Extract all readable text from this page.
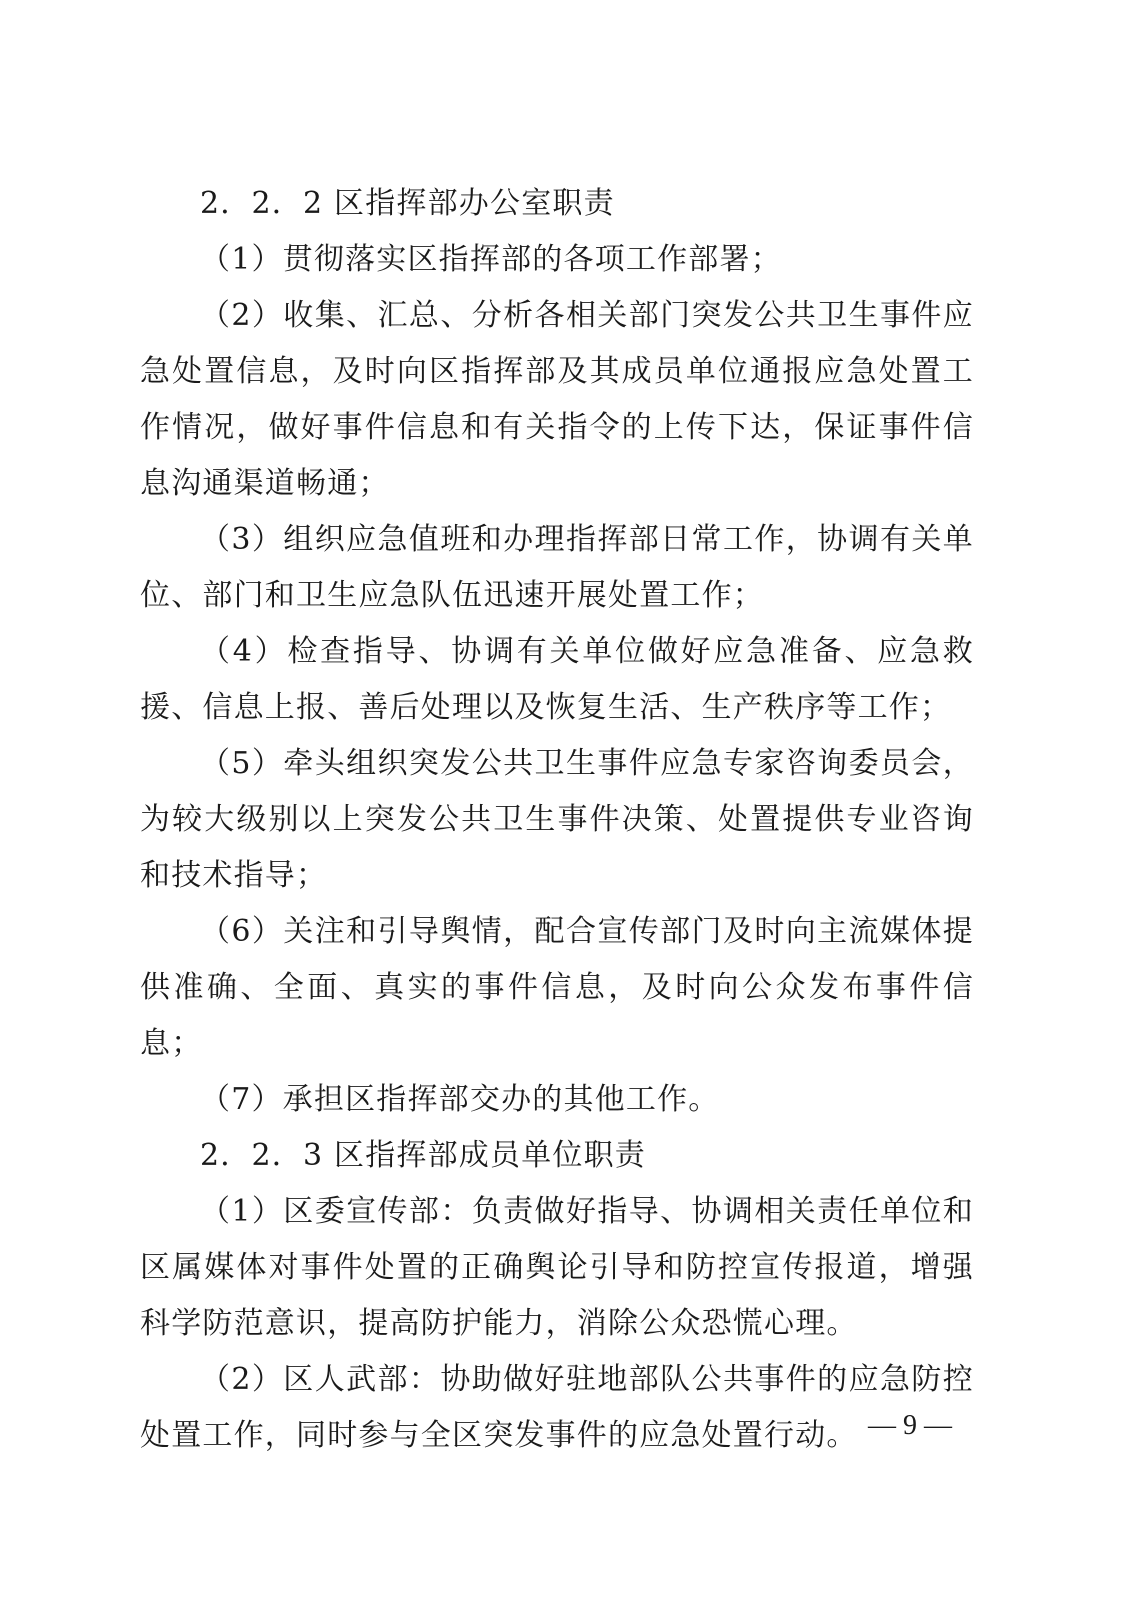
2．2．2 区指挥部办公室职责

（1）贯彻落实区指挥部的各项工作部署；

（2）收集、汇总、分析各相关部门突发公共卫生事件应急处置信息，及时向区指挥部及其成员单位通报应急处置工作情况，做好事件信息和有关指令的上传下达，保证事件信息沟通渠道畅通；

（3）组织应急值班和办理指挥部日常工作，协调有关单位、部门和卫生应急队伍迅速开展处置工作；

（4）检查指导、协调有关单位做好应急准备、应急救援、信息上报、善后处理以及恢复生活、生产秩序等工作；

（5）牵头组织突发公共卫生事件应急专家咨询委员会，为较大级别以上突发公共卫生事件决策、处置提供专业咨询和技术指导；

（6）关注和引导舆情，配合宣传部门及时向主流媒体提供准确、全面、真实的事件信息，及时向公众发布事件信息；

（7）承担区指挥部交办的其他工作。

2．2．3 区指挥部成员单位职责

（1）区委宣传部：负责做好指导、协调相关责任单位和区属媒体对事件处置的正确舆论引导和防控宣传报道，增强科学防范意识，提高防护能力，消除公众恐慌心理。

（2）区人武部：协助做好驻地部队公共事件的应急防控处置工作，同时参与全区突发事件的应急处置行动。 — 9 —
